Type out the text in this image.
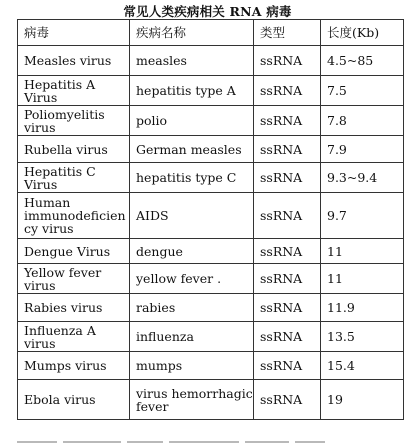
常见人类疾病相关 RNA 病毒
病毒	疾病名称	类型	长度(Kb)
Measles virus	measles	ssRNA	4.5~85
Hepatitis A Virus	hepatitis type A	ssRNA	7.5
Poliomyelitis virus	polio	ssRNA	7.8
Rubella virus	German measles	ssRNA	7.9
Hepatitis C Virus	hepatitis type C	ssRNA	9.3~9.4
Human immunodeficiency virus	AIDS	ssRNA	9.7
Dengue Virus	dengue	ssRNA	11
Yellow fever virus	yellow fever .	ssRNA	11
Rabies virus	rabies	ssRNA	11.9
Influenza A virus	influenza	ssRNA	13.5
Mumps virus	mumps	ssRNA	15.4
Ebola virus	virus hemorrhagic fever	ssRNA	19
